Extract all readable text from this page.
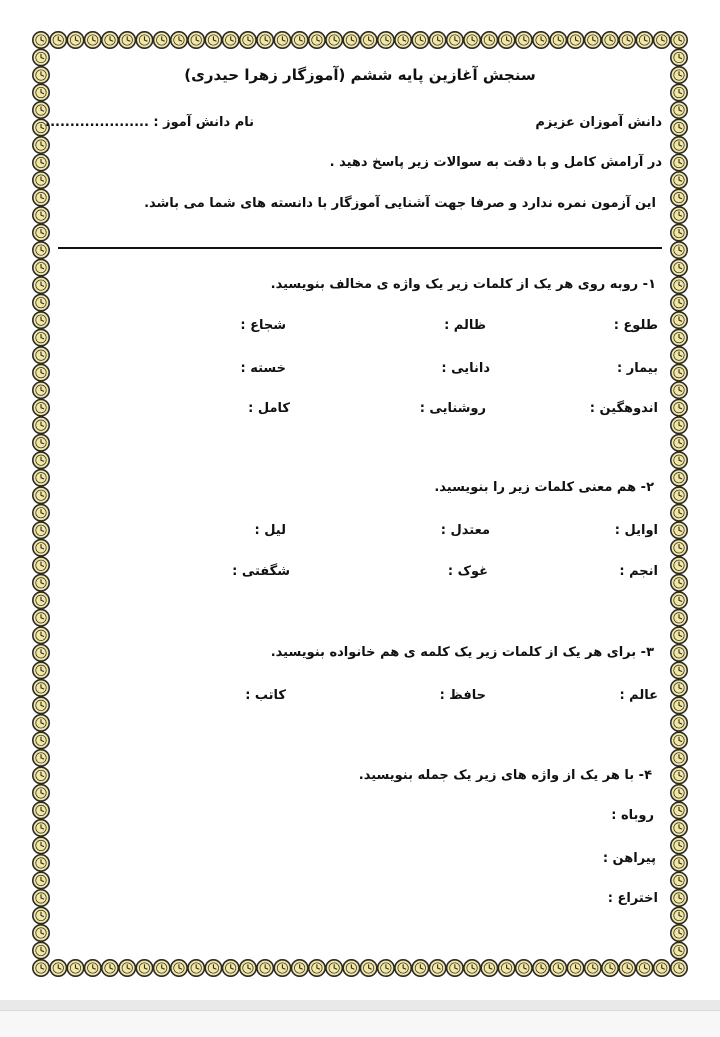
سنجش آغازین پایه ششم (آموزگار زهرا حیدری)
دانش آموزان عزیزم
نام دانش آموز : .....................
در آرامش کامل و با دقت به سوالات زیر پاسخ دهید .
این آزمون نمره ندارد و صرفا جهت آشنایی آموزگار با دانسته های شما می باشد.
۱- روبه روی هر یک از کلمات زیر یک واژه ی مخالف بنویسید.
طلوع :
ظالم :
شجاع :
بیمار :
دانایی :
خسته :
اندوهگین :
روشنایی :
کامل :
۲- هم معنی کلمات زیر را بنویسید.
اوایل :
معتدل :
لیل :
انجم :
غوک :
شگفتی :
۳- برای هر یک از کلمات زیر یک کلمه ی هم خانواده بنویسید.
عالم :
حافظ :
کاتب :
۴- با هر یک از واژه های زیر یک جمله بنویسید.
روباه :
پیراهن :
اختراع :
